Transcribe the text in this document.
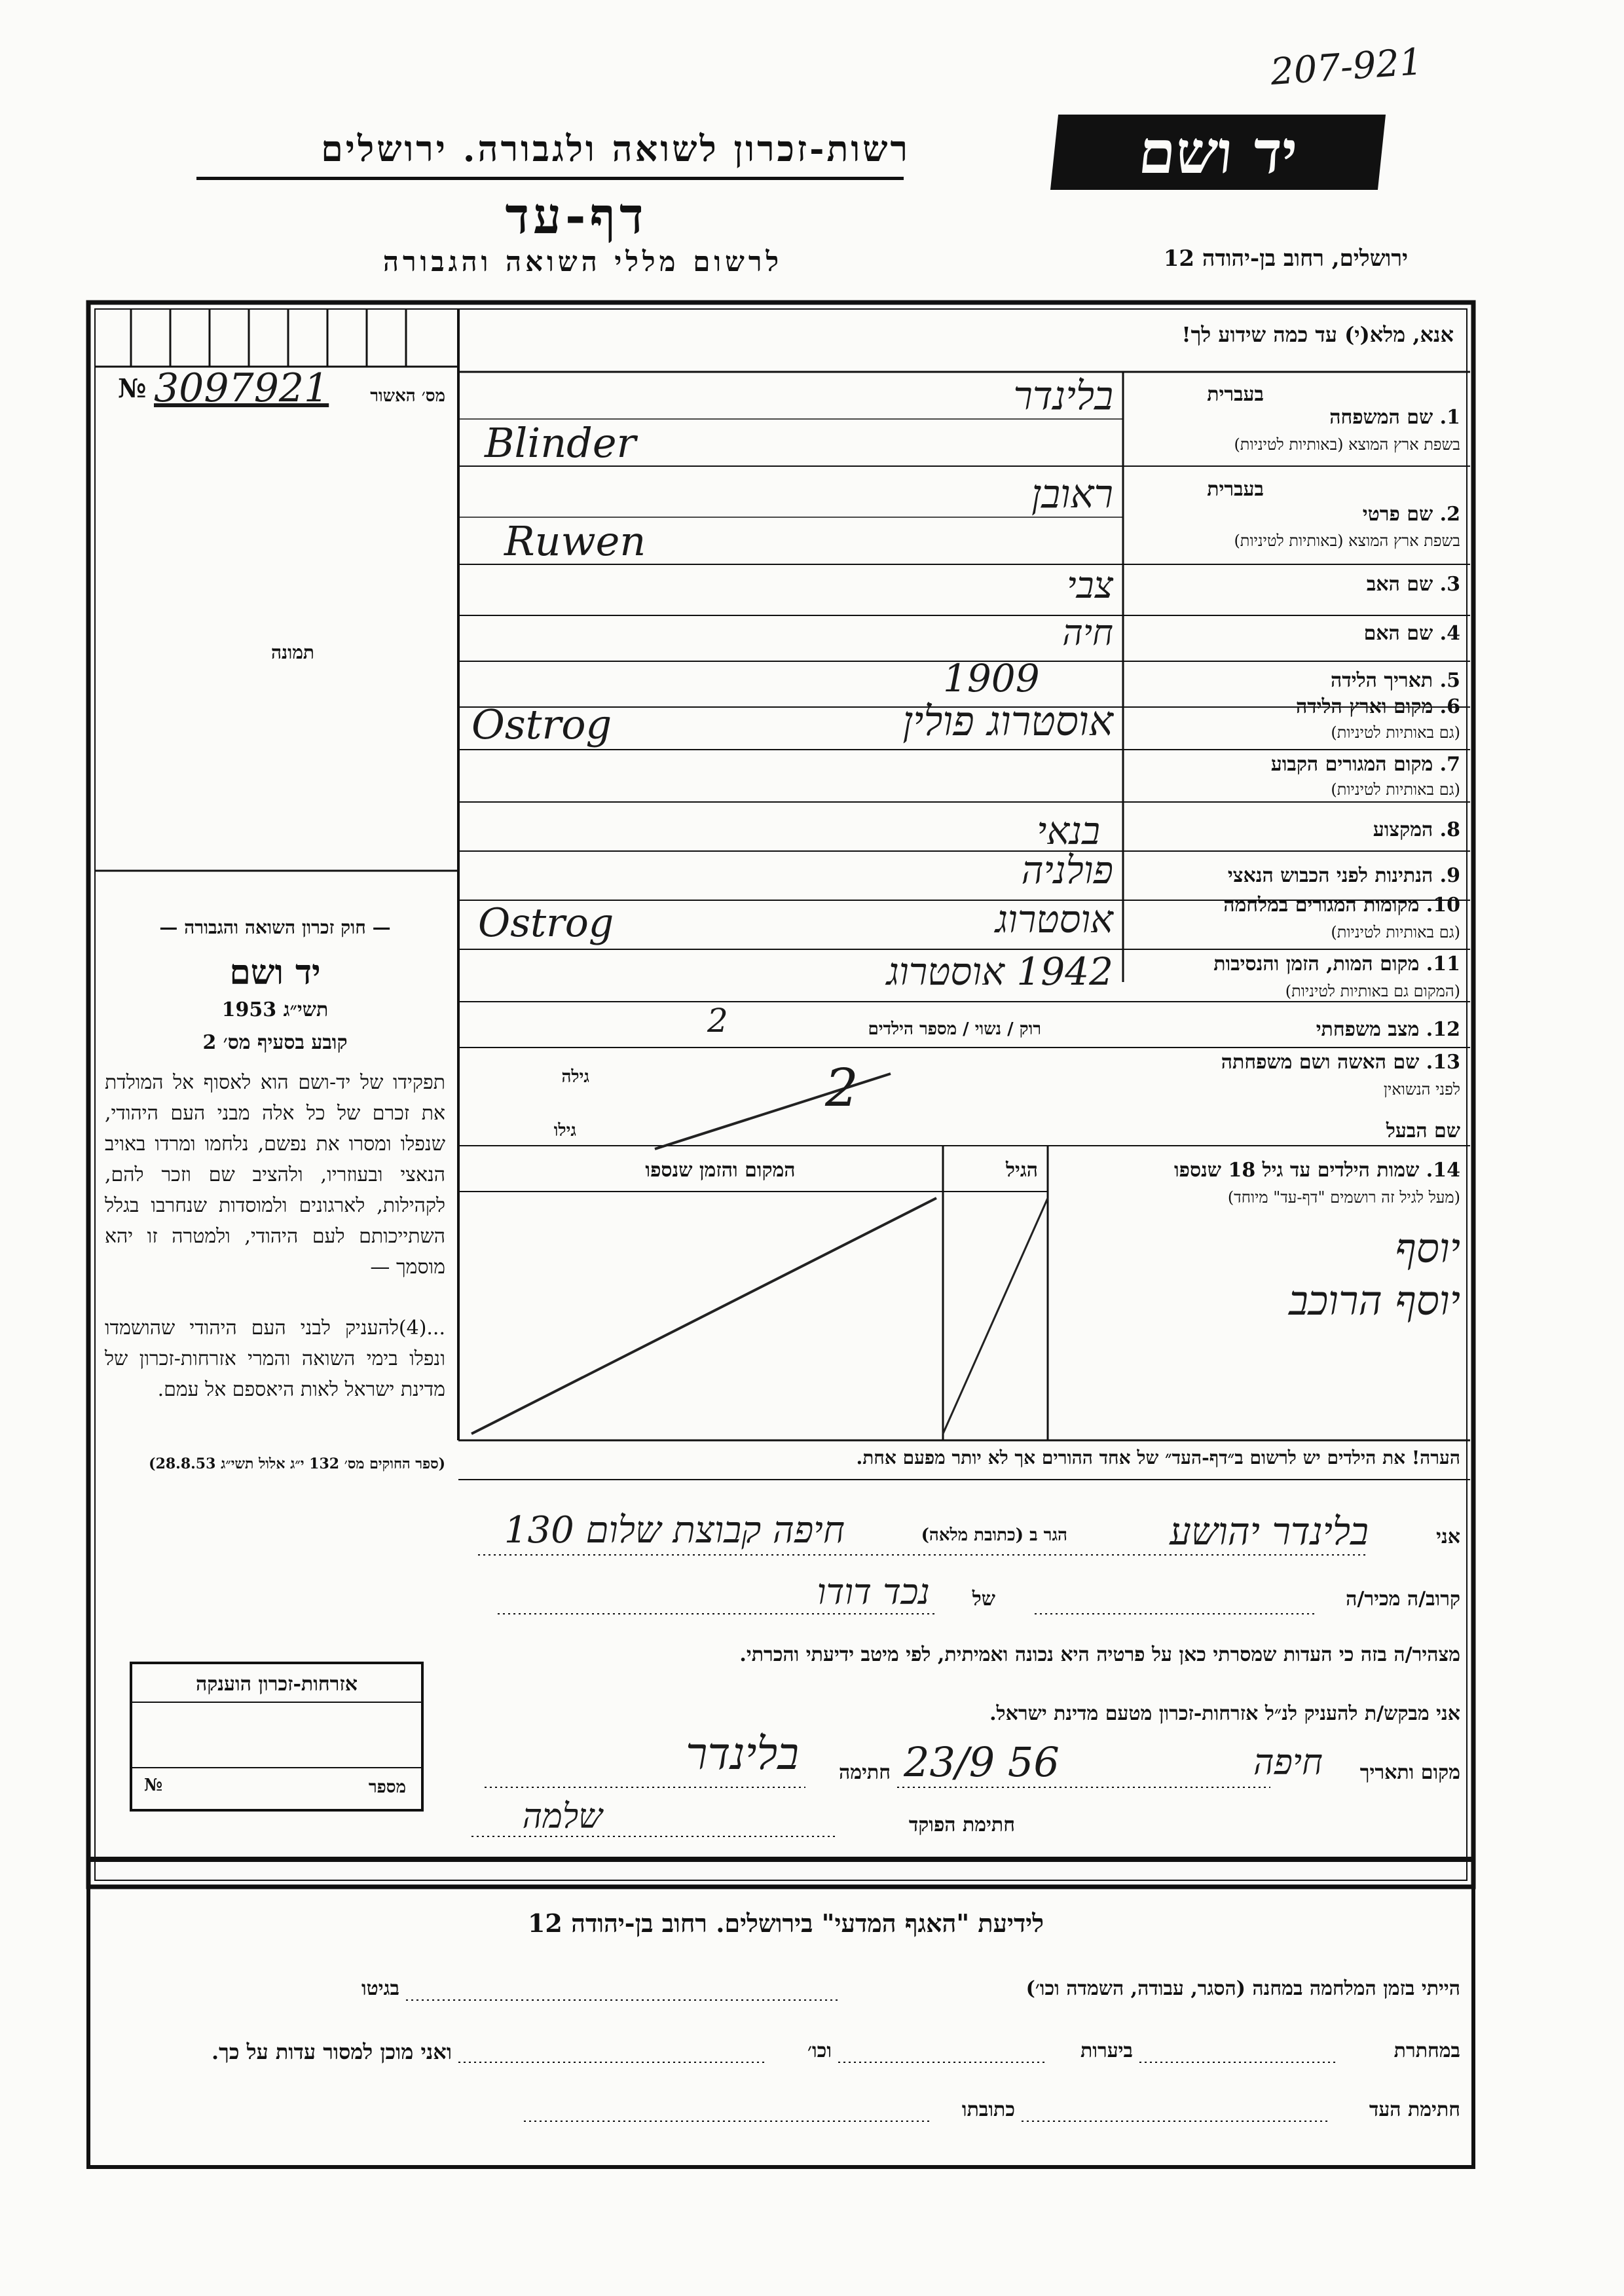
207-921
יד ושם
רשות-זכרון לשואה ולגבורה. ירושלים
דף-עד
לרשום מללי השואה והגבורה	ירושלים, רחוב בן-יהודה 12
אנא, מלא(י) עד כמה שידוע לך!
מס׳ האשור
№ 3097921
תמונה
— חוק זכרון השואה והגבורה —
יד ושם
תשי״ג 1953
קובע בסעיף מס׳ 2
תפקידו של יד-ושם הוא לאסוף אל המולדת את זכרם של כל אלה מבני העם היהודי, שנפלו ומסרו את נפשם, נלחמו ומרדו באויב הנאצי ובעוזריו, ולהציב שם וזכר להם, לקהילות, לארגונים ולמוסדות שנחרבו בגלל השתייכותם לעם היהודי, ולמטרה זו יהא מוסמך —
...(4)להעניק לבני העם היהודי שהושמדו ונפלו בימי השואה והמרי אזרחות-זכרון של מדינת ישראל לאות היאספם אל עמם.
(ספר החוקים מס׳ 132 י״ג אלול תשי״ג 28.8.53)
בעברית
1. שם המשפחה
בשפת ארץ המוצא (באותיות לטיניות)
בלינדר
Blinder
בעברית
2. שם פרטי
בשפת ארץ המוצא (באותיות לטיניות)
ראובן
Ruwen
3. שם האב
צבי
4. שם האם
חיה
5. תאריך הלידה
1909
6. מקום וארץ הלידה
(גם באותיות לטיניות)
אוסטרוג פולין
Ostrog
7. מקום המגורים הקבוע
(גם באותיות לטיניות)
8. המקצוע
בנאי
9. הנתינות לפני הכבוש הנאצי
פולניה
10. מקומות המגורים במלחמה
(גם באותיות לטיניות)
אוסטרוג
Ostrog
11. מקום המות, הזמן והנסיבות
(המקום גם באותיות לטיניות)
1942 אוסטרוג
12. מצב משפחתי
רוק / נשוי / מספר הילדים
2
13. שם האשה ושם משפחתה
לפני הנשואין
גילה
שם הבעל
גילו
2
14. שמות הילדים עד גיל 18 שנספו
(מעל לגיל זה רושמים "דף-עד" מיוחד)
הגיל
המקום והזמן שנספו
יוסף
יוסף הרוכב
הערה! את הילדים יש לרשום ב״דף-העד״ של אחד ההורים אך לא יותר מפעם אחת.
אני
בלינדר יהושע
הגר ב (כתובת מלאה)
חיפה קבוצת שלום 130
קרוב/ה מכיר/ה
של
נכד דודו
מצהיר/ה בזה כי העדות שמסרתי כאן על פרטיה היא נכונה ואמיתית, לפי מיטב ידיעתי והכרתי.
אני מבקש/ת להעניק לנ״ל אזרחות-זכרון מטעם מדינת ישראל.
מקום ותאריך
חיפה
23/9 56
חתימה
בלינדר
חתימת הפוקד
שלמה
אזרחות-זכרון הוענקה
מספר
№
לידיעת "האגף המדעי" בירושלים. רחוב בן-יהודה 12
הייתי בזמן המלחמה במחנה (הסגר, עבודה, השמדה וכו׳)
בגיטו
במחתרת
ביערות
וכו׳
ואני מוכן למסור עדות על כך.
חתימת העד
כתובתו
